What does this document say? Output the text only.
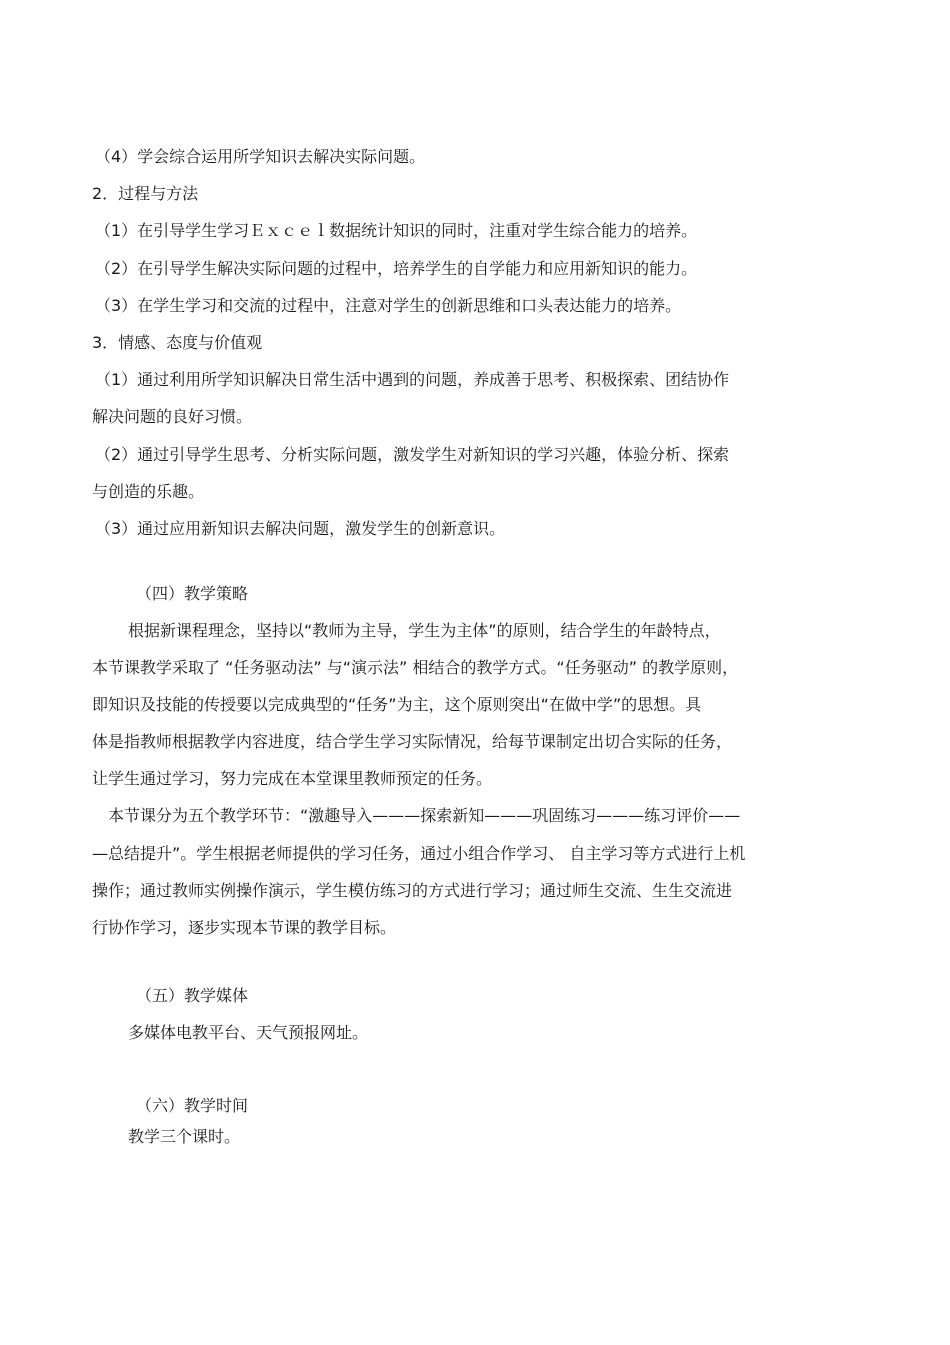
（4）学会综合运用所学知识去解决实际问题。
2．过程与方法
（1）在引导学生学习Ｅｘｃｅｌ数据统计知识的同时，注重对学生综合能力的培养。
（2）在引导学生解决实际问题的过程中，培养学生的自学能力和应用新知识的能力。
（3）在学生学习和交流的过程中，注意对学生的创新思维和口头表达能力的培养。
3．情感、态度与价值观
（1）通过利用所学知识解决日常生活中遇到的问题，养成善于思考、积极探索、团结协作
解决问题的良好习惯。
（2）通过引导学生思考、分析实际问题，激发学生对新知识的学习兴趣，体验分析、探索
与创造的乐趣。
（3）通过应用新知识去解决问题，激发学生的创新意识。
（四）教学策略
根据新课程理念，坚持以“教师为主导，学生为主体”的原则，结合学生的年龄特点，
本节课教学采取了 “任务驱动法” 与“演示法” 相结合的教学方式。“任务驱动” 的教学原则，
即知识及技能的传授要以完成典型的“任务”为主，这个原则突出“在做中学”的思想。具
体是指教师根据教学内容进度，结合学生学习实际情况，给每节课制定出切合实际的任务，
让学生通过学习，努力完成在本堂课里教师预定的任务。
本节课分为五个教学环节：“激趣导入———探索新知———巩固练习———练习评价——
—总结提升”。学生根据老师提供的学习任务，通过小组合作学习、 自主学习等方式进行上机
操作；通过教师实例操作演示，学生模仿练习的方式进行学习；通过师生交流、生生交流进
行协作学习，逐步实现本节课的教学目标。
（五）教学媒体
多媒体电教平台、天气预报网址。
（六）教学时间
教学三个课时。
